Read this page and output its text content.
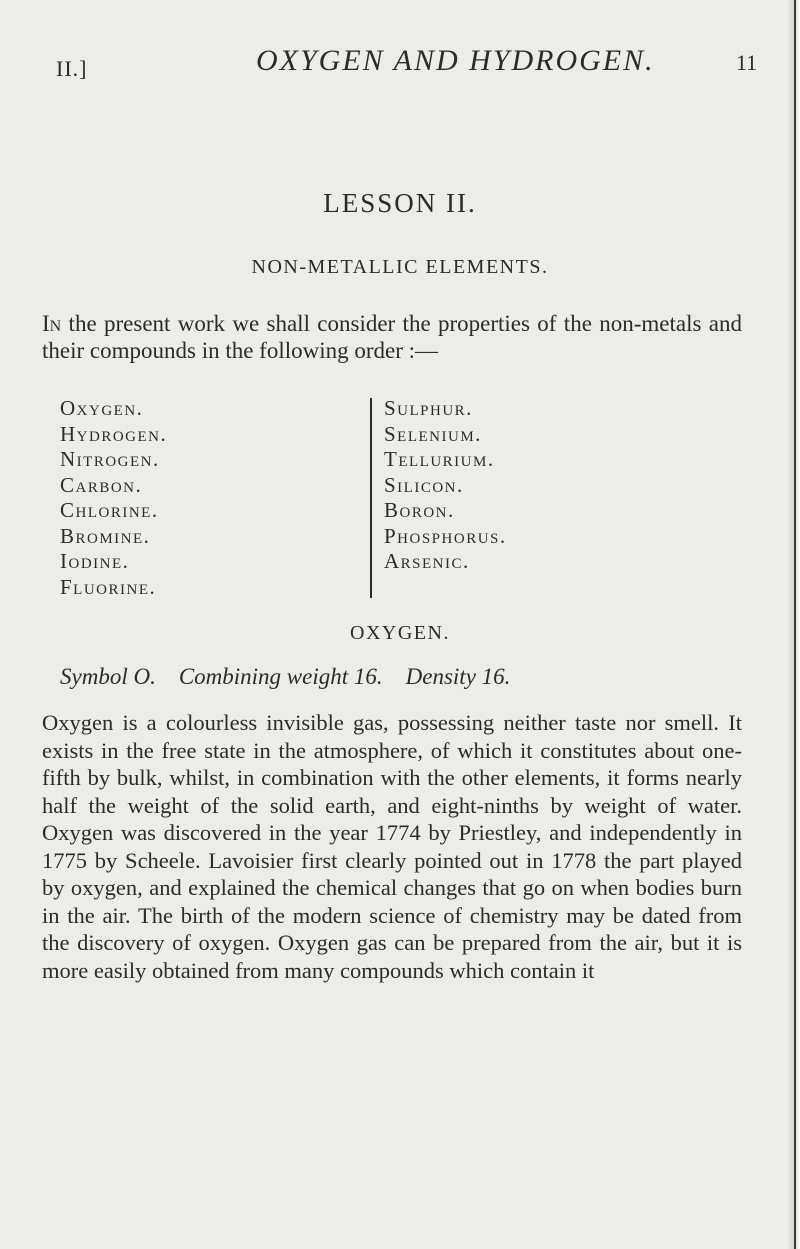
II.]	OXYGEN AND HYDROGEN.	11
LESSON II.
NON-METALLIC ELEMENTS.
In the present work we shall consider the properties of the non-metals and their compounds in the following order :—
Oxygen.
Hydrogen.
Nitrogen.
Carbon.
Chlorine.
Bromine.
Iodine.
Fluorine.
Sulphur.
Selenium.
Tellurium.
Silicon.
Boron.
Phosphorus.
Arsenic.
OXYGEN.
Symbol O. Combining weight 16. Density 16.
Oxygen is a colourless invisible gas, possessing neither taste nor smell. It exists in the free state in the atmosphere, of which it constitutes about one-fifth by bulk, whilst, in combination with the other elements, it forms nearly half the weight of the solid earth, and eight-ninths by weight of water. Oxygen was discovered in the year 1774 by Priestley, and independently in 1775 by Scheele. Lavoisier first clearly pointed out in 1778 the part played by oxygen, and explained the chemical changes that go on when bodies burn in the air. The birth of the modern science of chemistry may be dated from the discovery of oxygen. Oxygen gas can be prepared from the air, but it is more easily obtained from many compounds which contain it
